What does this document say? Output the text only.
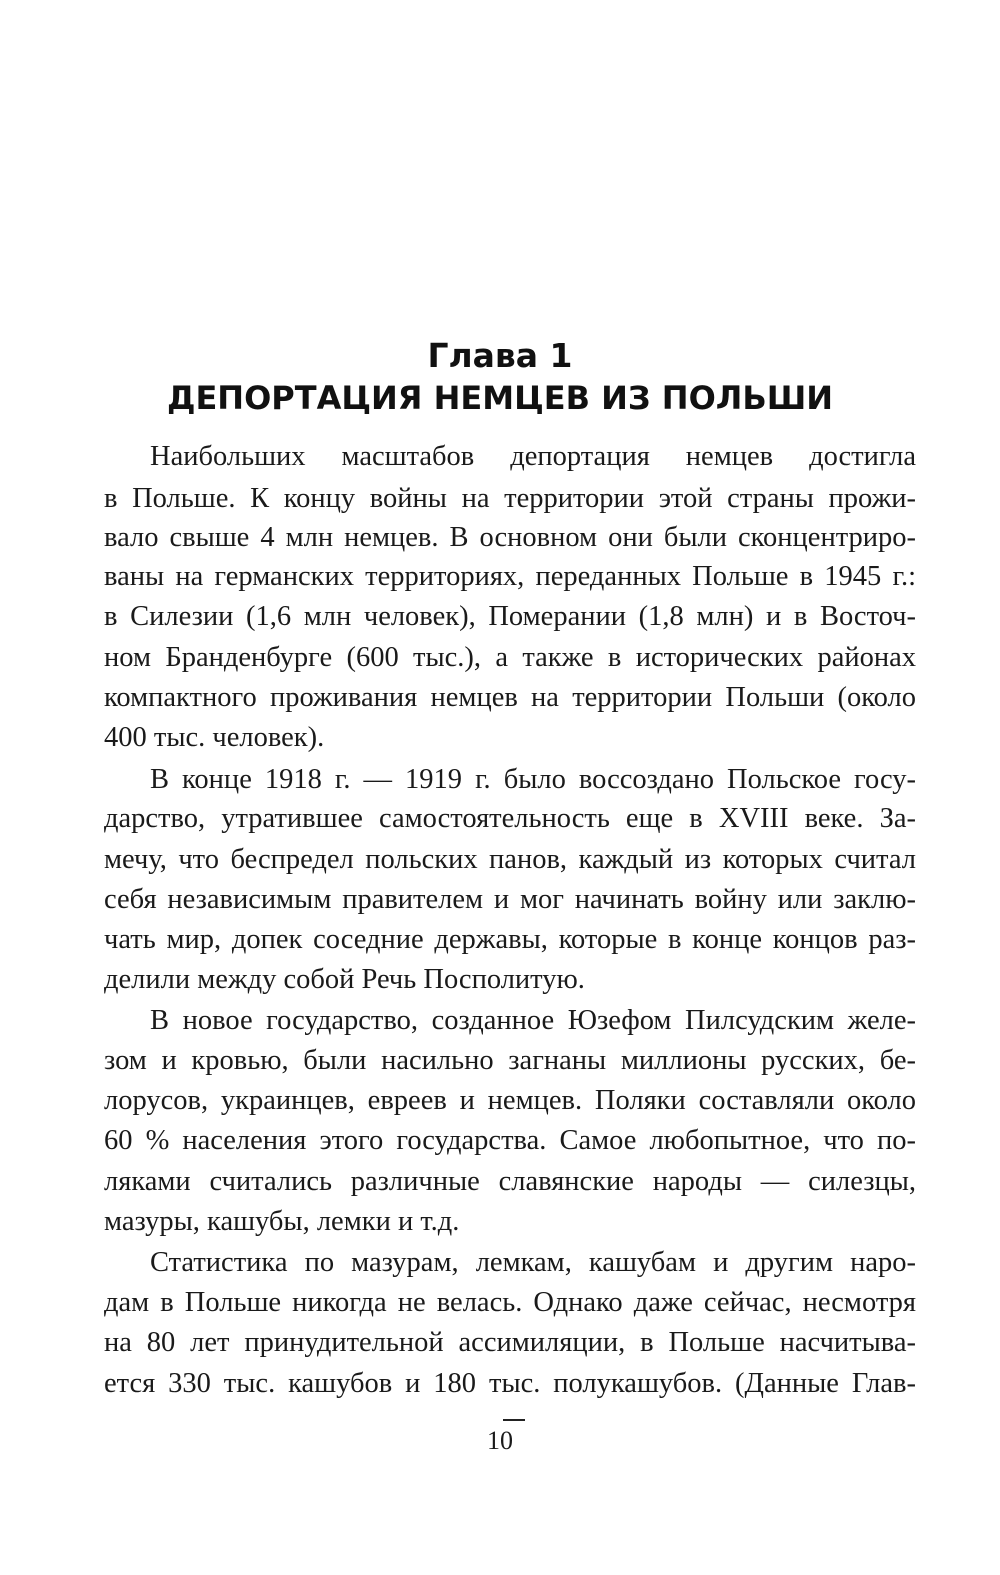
Глава 1
ДЕПОРТАЦИЯ НЕМЦЕВ ИЗ ПОЛЬШИ
Наибольших масштабов депортация немцев достигла
в Польше. К концу войны на территории этой страны прожи-
вало свыше 4 млн немцев. В основном они были сконцентриро-
ваны на германских территориях, переданных Польше в 1945 г.:
в Силезии (1,6 млн человек), Померании (1,8 млн) и в Восточ-
ном Бранденбурге (600 тыс.), а также в исторических районах
компактного проживания немцев на территории Польши (около
400 тыс. человек).
В конце 1918 г. — 1919 г. было воссоздано Польское госу-
дарство, утратившее самостоятельность еще в XVIII веке. За-
мечу, что беспредел польских панов, каждый из которых считал
себя независимым правителем и мог начинать войну или заклю-
чать мир, допек соседние державы, которые в конце концов раз-
делили между собой Речь Посполитую.
В новое государство, созданное Юзефом Пилсудским желе-
зом и кровью, были насильно загнаны миллионы русских, бе-
лорусов, украинцев, евреев и немцев. Поляки составляли около
60 % населения этого государства. Самое любопытное, что по-
ляками считались различные славянские народы — силезцы,
мазуры, кашубы, лемки и т.д.
Статистика по мазурам, лемкам, кашубам и другим наро-
дам в Польше никогда не велась. Однако даже сейчас, несмотря
на 80 лет принудительной ассимиляции, в Польше насчитыва-
ется 330 тыс. кашубов и 180 тыс. полукашубов. (Данные Глав-
10
